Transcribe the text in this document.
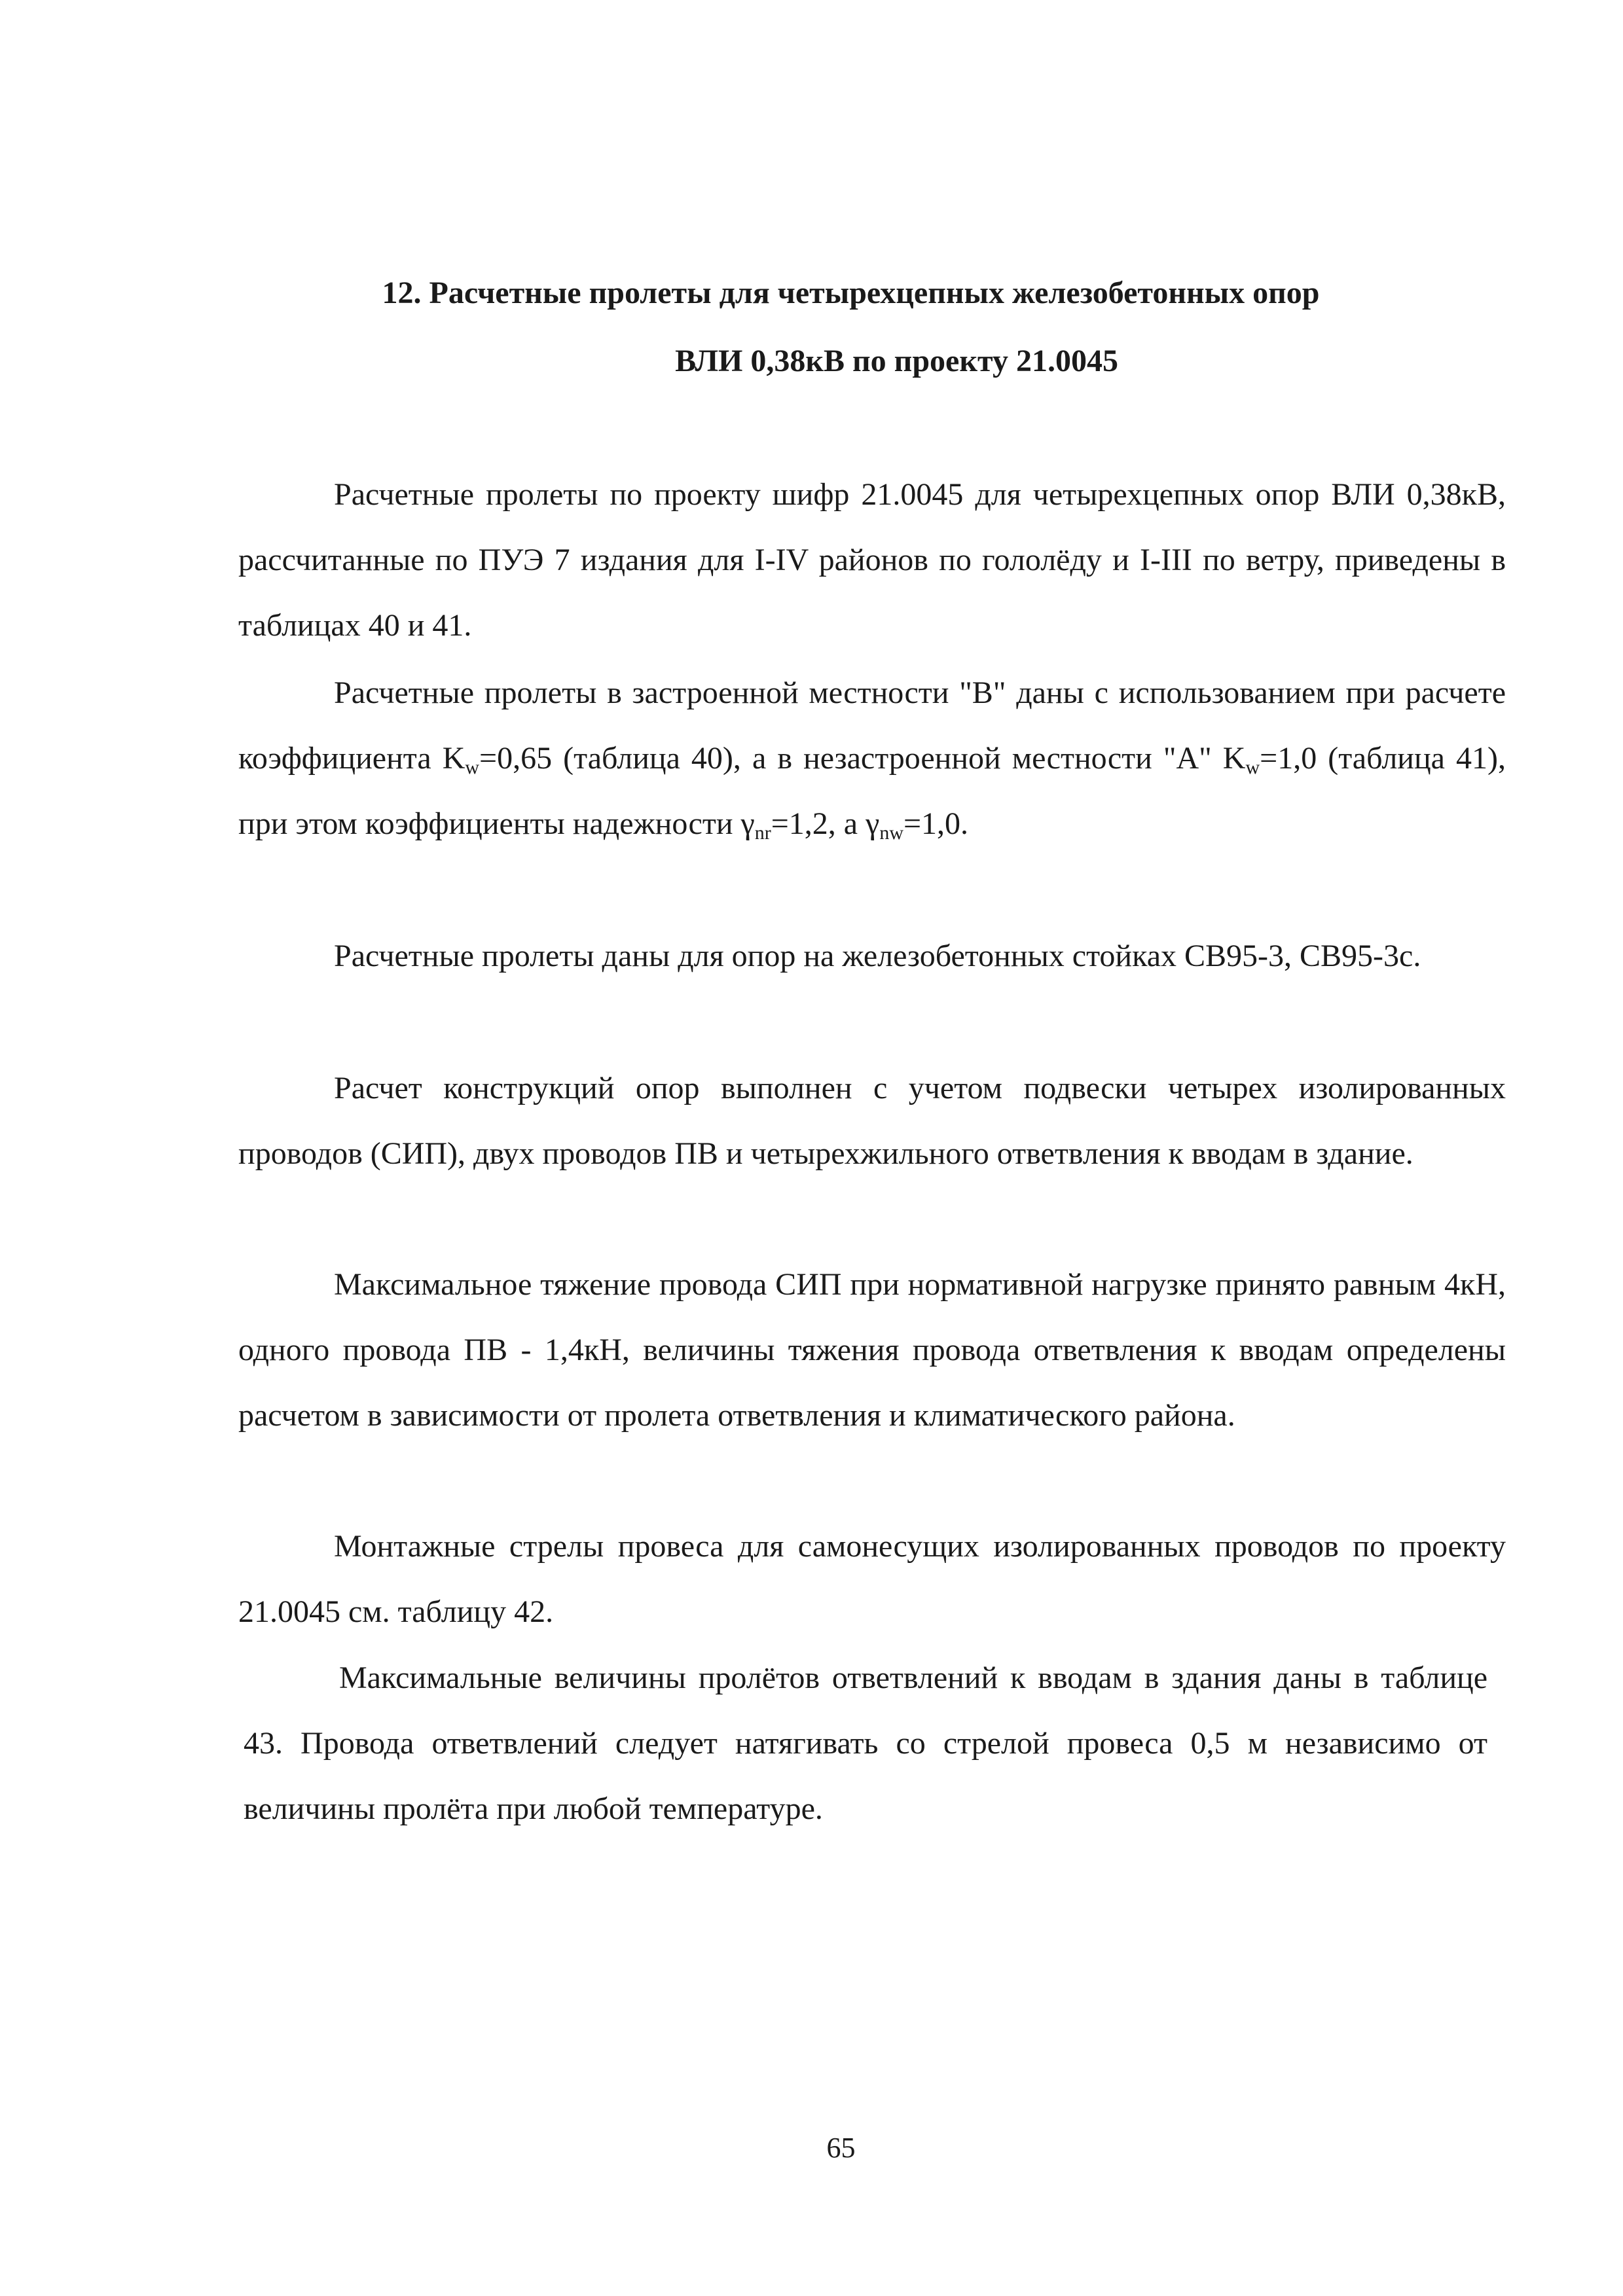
12. Расчетные пролеты для четырехцепных железобетонных опор
ВЛИ 0,38кВ по проекту 21.0045

Расчетные пролеты по проекту шифр 21.0045 для четырехцепных опор ВЛИ 0,38кВ, рассчитанные по ПУЭ 7 издания для I-IV районов по гололёду и I-III по ветру, приведены в таблицах 40 и 41.

Расчетные пролеты в застроенной местности "В" даны с использованием при расчете коэффициента $K_w=0,65$ (таблица 40), а в незастроенной местности "А" $K_w=1,0$ (таблица 41), при этом коэффициенты надежности $\gamma_{nr}=1,2$, а $\gamma_{nw}=1,0$.

Расчетные пролеты даны для опор на железобетонных стойках СВ95-3, СВ95-3с.

Расчет конструкций опор выполнен с учетом подвески четырех изолированных проводов (СИП), двух проводов ПВ и четырехжильного ответвления к вводам в здание.

Максимальное тяжение провода СИП при нормативной нагрузке принято равным 4кН, одного провода ПВ - 1,4кН, величины тяжения провода ответвления к вводам определены расчетом в зависимости от пролета ответвления и климатического района.

Монтажные стрелы провеса для самонесущих изолированных проводов по проекту 21.0045 см. таблицу 42.

Максимальные величины пролётов ответвлений к вводам в здания даны в таблице 43. Провода ответвлений следует натягивать со стрелой провеса 0,5 м независимо от величины пролёта при любой температуре.

65
